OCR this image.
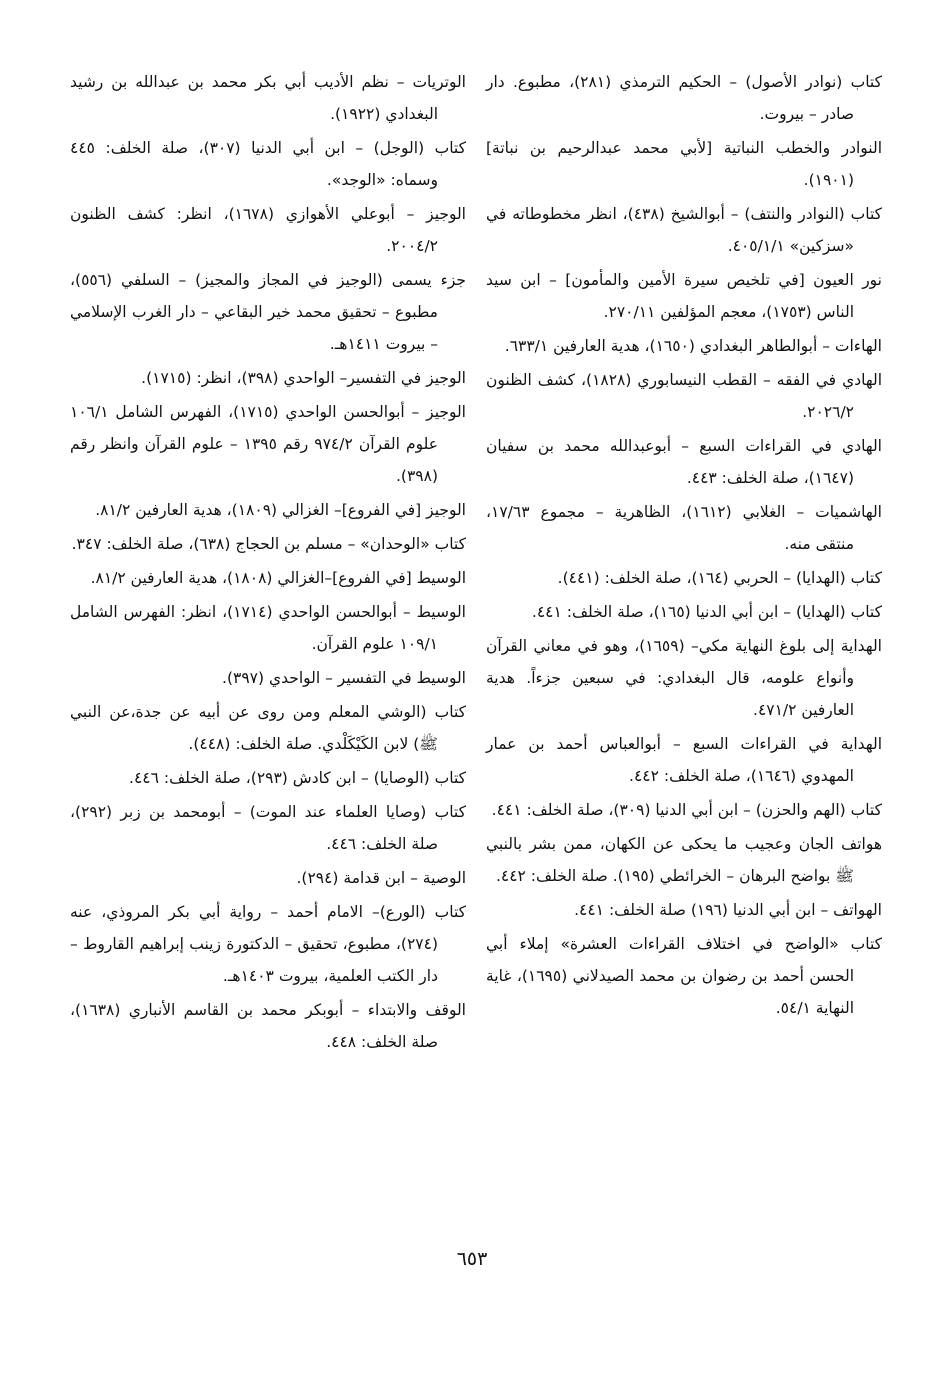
كتاب (نوادر الأصول) – الحكيم الترمذي (٢٨١)، مطبوع. دار صادر – بيروت.

النوادر والخطب النباتية [لأبي محمد عبدالرحيم بن نباتة] (١٩٠١).

كتاب (النوادر والنتف) – أبوالشيخ (٤٣٨)، انظر مخطوطاته في «سزكين» ٤٠٥/١/١.

نور العيون [في تلخيص سيرة الأمين والمأمون] – ابن سيد الناس (١٧٥٣)، معجم المؤلفين ٢٧٠/١١.

الهاءات – أبوالطاهر البغدادي (١٦٥٠)، هدية العارفين ٦٣٣/١.

الهادي في الفقه – القطب النيسابوري (١٨٢٨)، كشف الظنون ٢٠٢٦/٢.

الهادي في القراءات السبع – أبوعبدالله محمد بن سفيان (١٦٤٧)، صلة الخلف: ٤٤٣.

الهاشميات – الغلابي (١٦١٢)، الظاهرية – مجموع ١٧/٦٣، منتقى منه.

كتاب (الهدايا) – الحربي (١٦٤)، صلة الخلف: (٤٤١).

كتاب (الهدايا) – ابن أبي الدنيا (١٦٥)، صلة الخلف: ٤٤١.

الهداية إلى بلوغ النهاية مكي– (١٦٥٩)، وهو في معاني القرآن وأنواع علومه، قال البغدادي: في سبعين جزءاً. هدية العارفين ٤٧١/٢.

الهداية في القراءات السبع – أبوالعباس أحمد بن عمار المهدوي (١٦٤٦)، صلة الخلف: ٤٤٢.

كتاب (الهم والحزن) – ابن أبي الدنيا (٣٠٩)، صلة الخلف: ٤٤١.

هواتف الجان وعجيب ما يحكى عن الكهان، ممن بشر بالنبي ﷺ بواضح البرهان – الخرائطي (١٩٥). صلة الخلف: ٤٤٢.

الهواتف – ابن أبي الدنيا (١٩٦) صلة الخلف: ٤٤١.

كتاب «الواضح في اختلاف القراءات العشرة» إملاء أبي الحسن أحمد بن رضوان بن محمد الصيدلاني (١٦٩٥)، غاية النهاية ٥٤/١.

الوتريات – نظم الأديب أبي بكر محمد بن عبدالله بن رشيد البغدادي (١٩٢٢).

كتاب (الوجل) – ابن أبي الدنيا (٣٠٧)، صلة الخلف: ٤٤٥ وسماه: «الوجد».

الوجيز – أبوعلي الأهوازي (١٦٧٨)، انظر: كشف الظنون ٢٠٠٤/٢.

جزء يسمى (الوجيز في المجاز والمجيز) – السلفي (٥٥٦)، مطبوع – تحقيق محمد خير البقاعي – دار الغرب الإسلامي – بيروت ١٤١١هـ.

الوجيز في التفسير– الواحدي (٣٩٨)، انظر: (١٧١٥).

الوجيز – أبوالحسن الواحدي (١٧١٥)، الفهرس الشامل ١٠٦/١ علوم القرآن ٩٧٤/٢ رقم ١٣٩٥ – علوم القرآن وانظر رقم (٣٩٨).

الوجيز [في الفروع]– الغزالي (١٨٠٩)، هدية العارفين ٨١/٢.

كتاب «الوحدان» – مسلم بن الحجاج (٦٣٨)، صلة الخلف: ٣٤٧.

الوسيط [في الفروع]–الغزالي (١٨٠٨)، هدية العارفين ٨١/٢.

الوسيط – أبوالحسن الواحدي (١٧١٤)، انظر: الفهرس الشامل ١٠٩/١ علوم القرآن.

الوسيط في التفسير – الواحدي (٣٩٧).

كتاب (الوشي المعلم ومن روى عن أبيه عن جدة،عن النبي ﷺ) لابن الكَيْكَلْدي. صلة الخلف: (٤٤٨).

كتاب (الوصايا) – ابن كادش (٢٩٣)، صلة الخلف: ٤٤٦.

كتاب (وصايا العلماء عند الموت) – أبومحمد بن زبر (٢٩٢)، صلة الخلف: ٤٤٦.

الوصية – ابن قدامة (٢٩٤).

كتاب (الورع)– الامام أحمد – رواية أبي بكر المروذي، عنه (٢٧٤)، مطبوع، تحقيق – الدكتورة زينب إبراهيم القاروط – دار الكتب العلمية، بيروت ١٤٠٣هـ.

الوقف والابتداء – أبوبكر محمد بن القاسم الأنباري (١٦٣٨)، صلة الخلف: ٤٤٨.

٦٥٣
